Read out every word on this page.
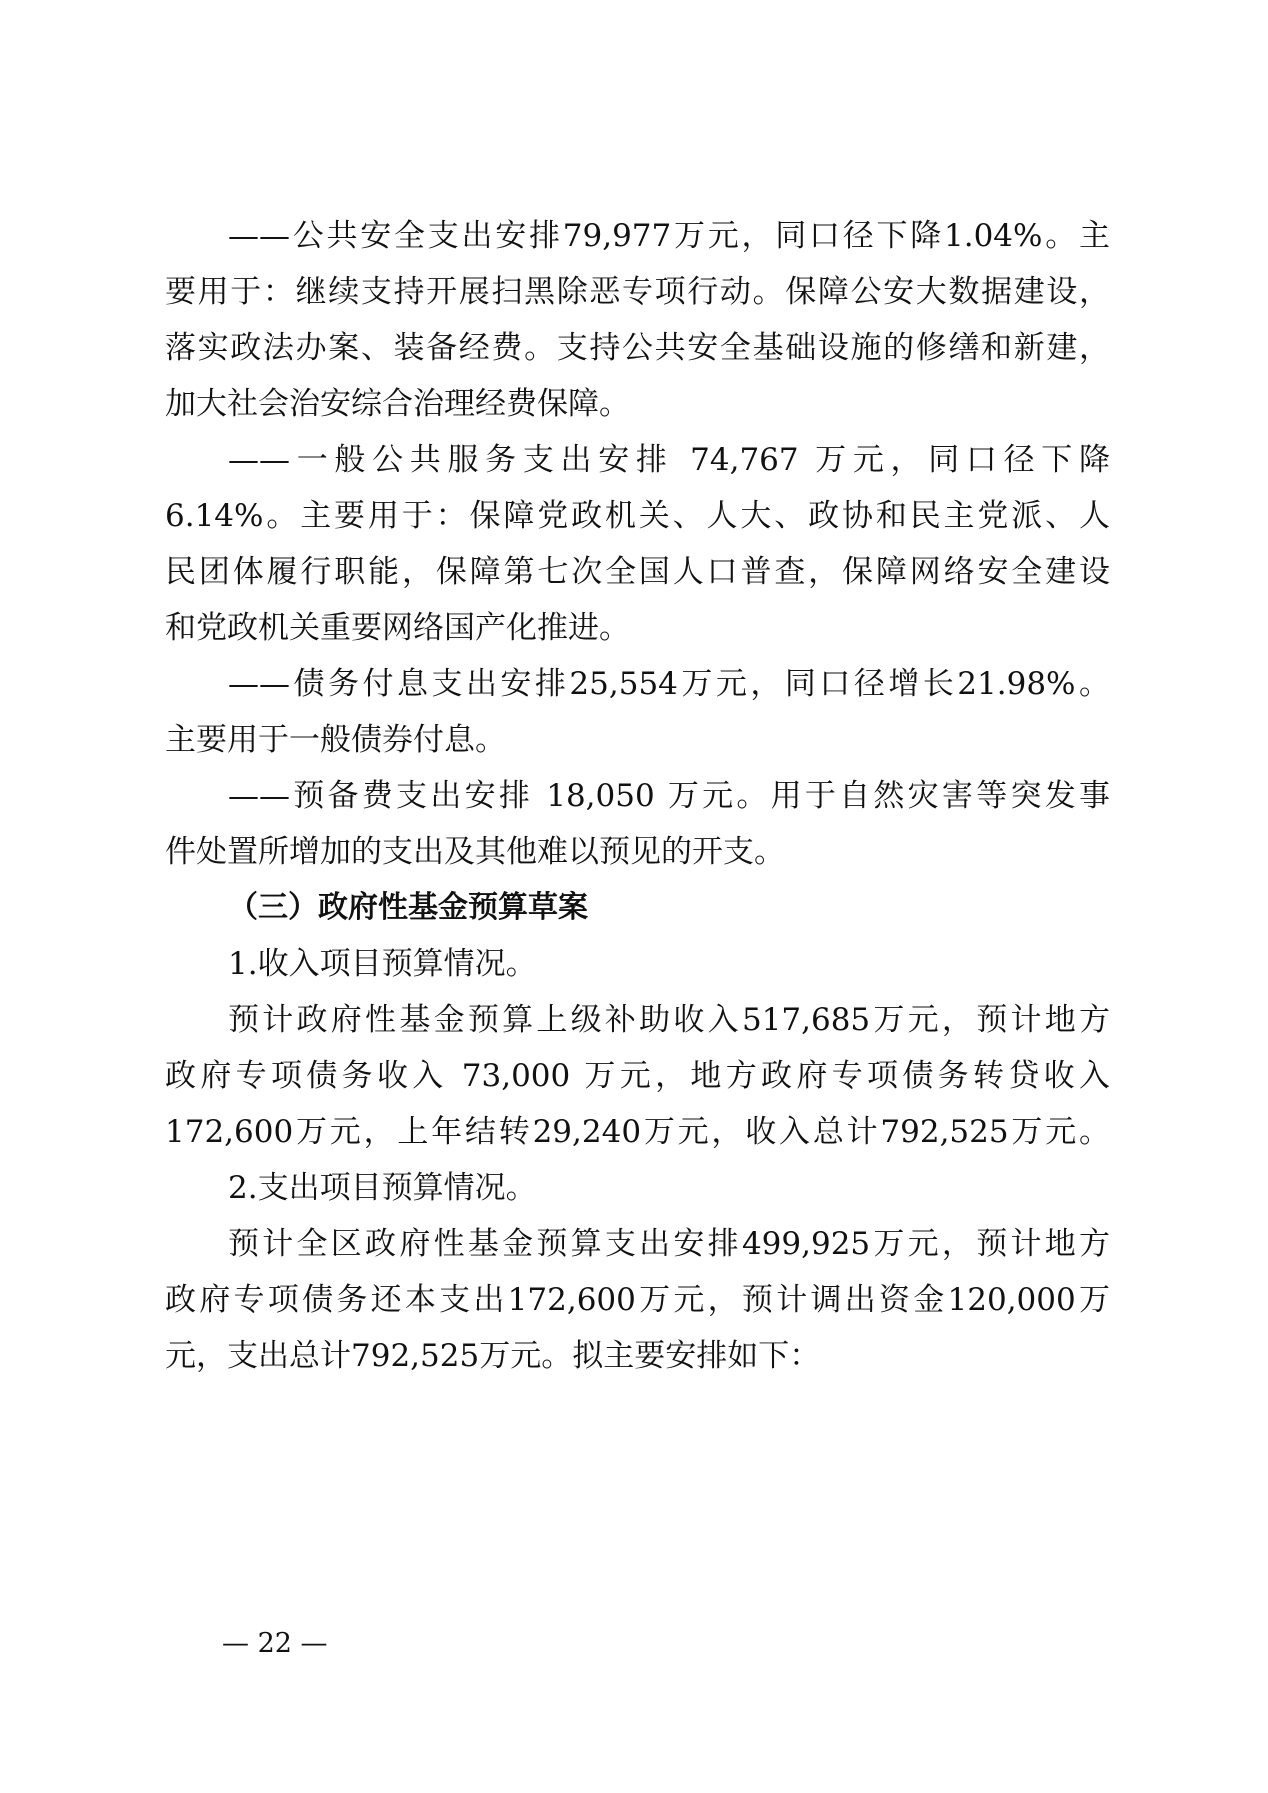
——公共安全支出安排79,977万元，同口径下降1.04%。主
要用于：继续支持开展扫黑除恶专项行动。保障公安大数据建设，
落实政法办案、装备经费。支持公共安全基础设施的修缮和新建，
加大社会治安综合治理经费保障。
——一般公共服务支出安排 74,767 万元，同口径下降
6.14%。主要用于：保障党政机关、人大、政协和民主党派、人
民团体履行职能，保障第七次全国人口普查，保障网络安全建设
和党政机关重要网络国产化推进。
——债务付息支出安排25,554万元，同口径增长21.98%。
主要用于一般债券付息。
——预备费支出安排 18,050 万元。用于自然灾害等突发事
件处置所增加的支出及其他难以预见的开支。
（三）政府性基金预算草案
1.收入项目预算情况。
预计政府性基金预算上级补助收入517,685万元，预计地方
政府专项债务收入 73,000 万元，地方政府专项债务转贷收入
172,600万元，上年结转29,240万元，收入总计792,525万元。
2.支出项目预算情况。
预计全区政府性基金预算支出安排499,925万元，预计地方
政府专项债务还本支出172,600万元，预计调出资金120,000万
元，支出总计792,525万元。拟主要安排如下：
— 22 —
